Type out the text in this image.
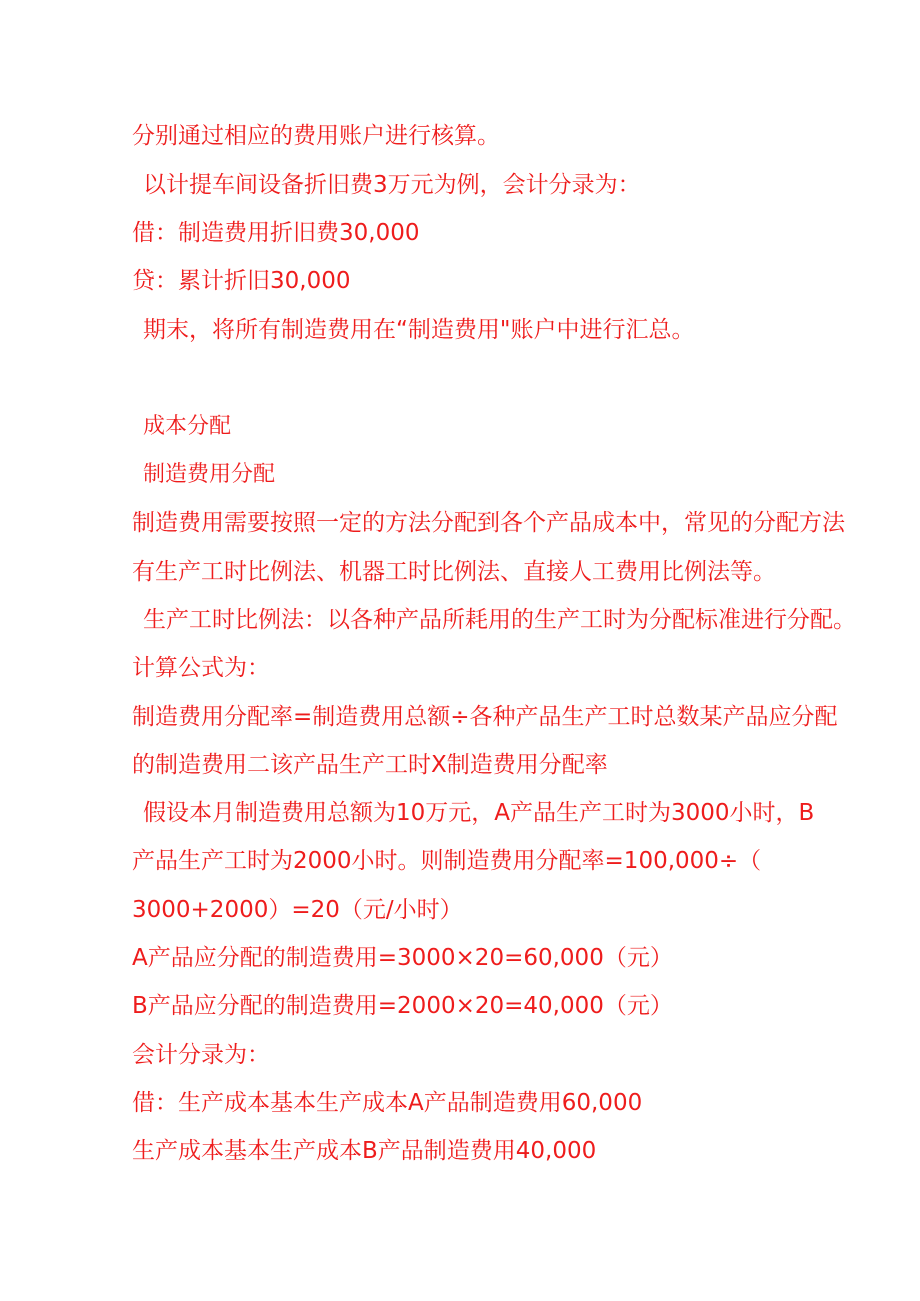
分别通过相应的费用账户进行核算。
以计提车间设备折旧费3万元为例，会计分录为：
借：制造费用折旧费30,000
贷：累计折旧30,000
期末，将所有制造费用在“制造费用"账户中进行汇总。
成本分配
制造费用分配
制造费用需要按照一定的方法分配到各个产品成本中，常见的分配方法
有生产工时比例法、机器工时比例法、直接人工费用比例法等。
生产工时比例法：以各种产品所耗用的生产工时为分配标准进行分配。
计算公式为：
制造费用分配率=制造费用总额÷各种产品生产工时总数某产品应分配
的制造费用二该产品生产工时X制造费用分配率
假设本月制造费用总额为10万元，A产品生产工时为3000小时，B
产品生产工时为2000小时。则制造费用分配率=100,000÷（
3000+2000）=20（元/小时）
A产品应分配的制造费用=3000×20=60,000（元）
B产品应分配的制造费用=2000×20=40,000（元）
会计分录为：
借：生产成本基本生产成本A产品制造费用60,000
生产成本基本生产成本B产品制造费用40,000
